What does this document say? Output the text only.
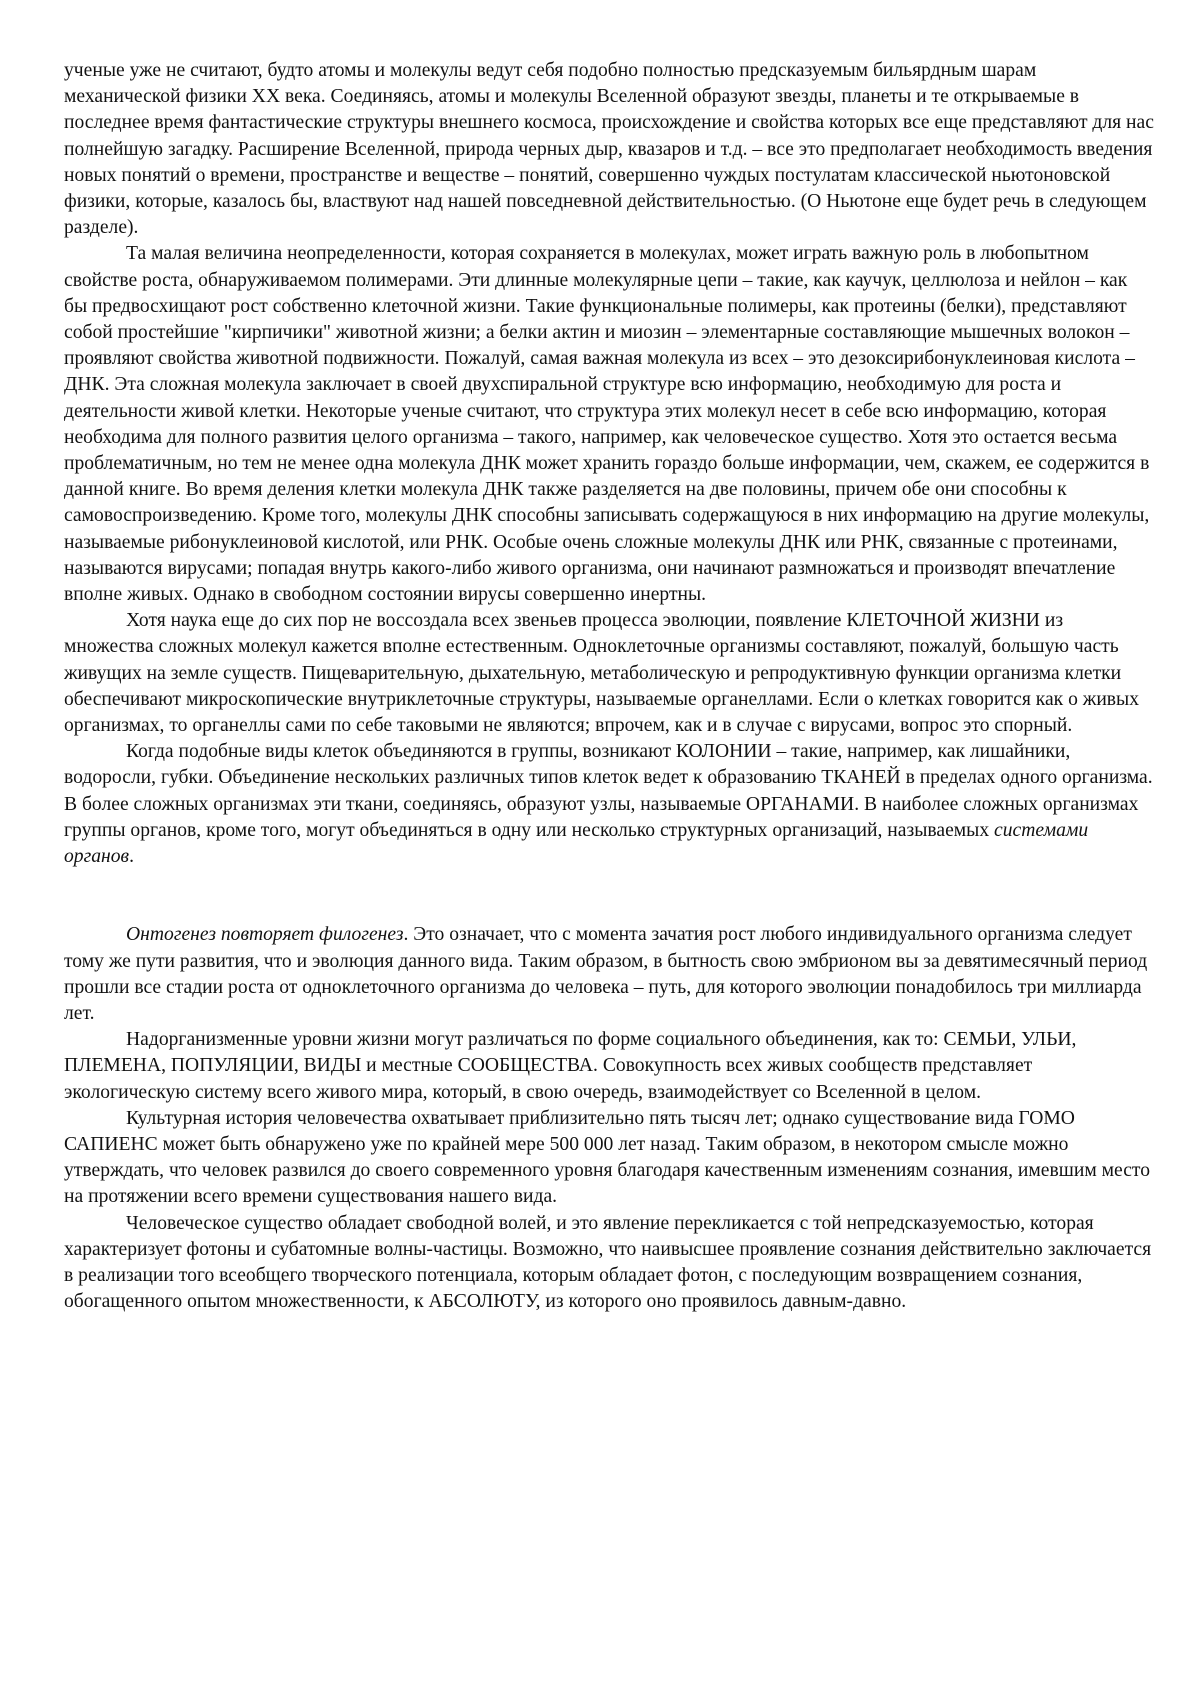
ученые уже не считают, будто атомы и молекулы ведут себя подобно полностью предсказуемым бильярдным шарам механической физики XX века. Соединяясь, атомы и молекулы Вселенной образуют звезды, планеты и те открываемые в последнее время фантастические структуры внешнего космоса, происхождение и свойства которых все еще представляют для нас полнейшую загадку. Расширение Вселенной, природа черных дыр, квазаров и т.д. – все это предполагает необходимость введения новых понятий о времени, пространстве и веществе – понятий, совершенно чуждых постулатам классической ньютоновской физики, которые, казалось бы, властвуют над нашей повседневной действительностью. (О Ньютоне еще будет речь в следующем разделе).

Та малая величина неопределенности, которая сохраняется в молекулах, может играть важную роль в любопытном свойстве роста, обнаруживаемом полимерами. Эти длинные молекулярные цепи – такие, как каучук, целлюлоза и нейлон – как бы предвосхищают рост собственно клеточной жизни. Такие функциональные полимеры, как протеины (белки), представляют собой простейшие "кирпичики" животной жизни; а белки актин и миозин – элементарные составляющие мышечных волокон – проявляют свойства животной подвижности. Пожалуй, самая важная молекула из всех – это дезоксирибонуклеиновая кислота – ДНК. Эта сложная молекула заключает в своей двухспиральной структуре всю информацию, необходимую для роста и деятельности живой клетки. Некоторые ученые считают, что структура этих молекул несет в себе всю информацию, которая необходима для полного развития целого организма – такого, например, как человеческое существо. Хотя это остается весьма проблематичным, но тем не менее одна молекула ДНК может хранить гораздо больше информации, чем, скажем, ее содержится в данной книге. Во время деления клетки молекула ДНК также разделяется на две половины, причем обе они способны к самовоспроизведению. Кроме того, молекулы ДНК способны записывать содержащуюся в них информацию на другие молекулы, называемые рибонуклеиновой кислотой, или РНК. Особые очень сложные молекулы ДНК или РНК, связанные с протеинами, называются вирусами; попадая внутрь какого-либо живого организма, они начинают размножаться и производят впечатление вполне живых. Однако в свободном состоянии вирусы совершенно инертны.

Хотя наука еще до сих пор не воссоздала всех звеньев процесса эволюции, появление КЛЕТОЧНОЙ ЖИЗНИ из множества сложных молекул кажется вполне естественным. Одноклеточные организмы составляют, пожалуй, большую часть живущих на земле существ. Пищеварительную, дыхательную, метаболическую и репродуктивную функции организма клетки обеспечивают микроскопические внутриклеточные структуры, называемые органеллами. Если о клетках говорится как о живых организмах, то органеллы сами по себе таковыми не являются; впрочем, как и в случае с вирусами, вопрос это спорный.

Когда подобные виды клеток объединяются в группы, возникают КОЛОНИИ – такие, например, как лишайники, водоросли, губки. Объединение нескольких различных типов клеток ведет к образованию ТКАНЕЙ в пределах одного организма. В более сложных организмах эти ткани, соединяясь, образуют узлы, называемые ОРГАНАМИ. В наиболее сложных организмах группы органов, кроме того, могут объединяться в одну или несколько структурных организаций, называемых системами органов.

Онтогенез повторяет филогенез. Это означает, что с момента зачатия рост любого индивидуального организма следует тому же пути развития, что и эволюция данного вида. Таким образом, в бытность свою эмбрионом вы за девятимесячный период прошли все стадии роста от одноклеточного организма до человека – путь, для которого эволюции понадобилось три миллиарда лет.

Надорганизменные уровни жизни могут различаться по форме социального объединения, как то: СЕМЬИ, УЛЬИ, ПЛЕМЕНА, ПОПУЛЯЦИИ, ВИДЫ и местные СООБЩЕСТВА. Совокупность всех живых сообществ представляет экологическую систему всего живого мира, который, в свою очередь, взаимодействует со Вселенной в целом.

Культурная история человечества охватывает приблизительно пять тысяч лет; однако существование вида ГОМО САПИЕНС может быть обнаружено уже по крайней мере 500 000 лет назад. Таким образом, в некотором смысле можно утверждать, что человек развился до своего современного уровня благодаря качественным изменениям сознания, имевшим место на протяжении всего времени существования нашего вида.

Человеческое существо обладает свободной волей, и это явление перекликается с той непредсказуемостью, которая характеризует фотоны и субатомные волны-частицы. Возможно, что наивысшее проявление сознания действительно заключается в реализации того всеобщего творческого потенциала, которым обладает фотон, с последующим возвращением сознания, обогащенного опытом множественности, к АБСОЛЮТУ, из которого оно проявилось давным-давно.
